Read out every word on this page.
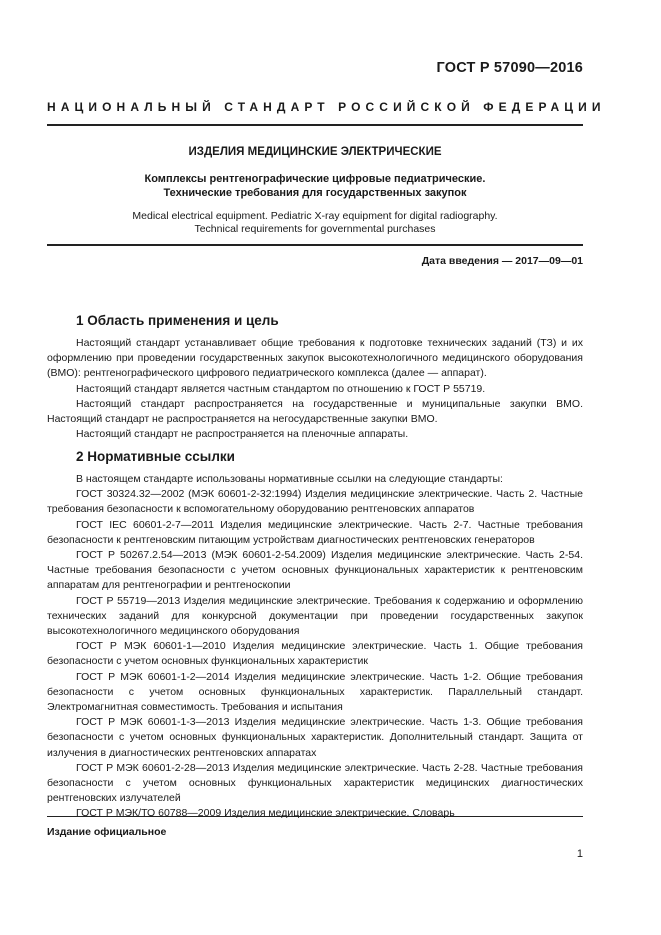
ГОСТ Р 57090—2016
НАЦИОНАЛЬНЫЙ СТАНДАРТ РОССИЙСКОЙ ФЕДЕРАЦИИ
ИЗДЕЛИЯ МЕДИЦИНСКИЕ ЭЛЕКТРИЧЕСКИЕ
Комплексы рентгенографические цифровые педиатрические.
Технические требования для государственных закупок
Medical electrical equipment. Pediatric X-ray equipment for digital radiography.
Technical requirements for governmental purchases
Дата введения — 2017—09—01
1 Область применения и цель

Настоящий стандарт устанавливает общие требования к подготовке технических заданий (ТЗ) и их оформлению при проведении государственных закупок высокотехнологичного медицинского оборудования (ВМО): рентгенографического цифрового педиатрического комплекса (далее — аппарат).

Настоящий стандарт является частным стандартом по отношению к ГОСТ Р 55719.

Настоящий стандарт распространяется на государственные и муниципальные закупки ВМО. Настоящий стандарт не распространяется на негосударственные закупки ВМО.

Настоящий стандарт не распространяется на пленочные аппараты.

2 Нормативные ссылки

В настоящем стандарте использованы нормативные ссылки на следующие стандарты:

ГОСТ 30324.32—2002 (МЭК 60601-2-32:1994) Изделия медицинские электрические. Часть 2. Частные требования безопасности к вспомогательному оборудованию рентгеновских аппаратов

ГОСТ IEC 60601-2-7—2011 Изделия медицинские электрические. Часть 2-7. Частные требования безопасности к рентгеновским питающим устройствам диагностических рентгеновских генераторов

ГОСТ Р 50267.2.54—2013 (МЭК 60601-2-54.2009) Изделия медицинские электрические. Часть 2-54. Частные требования безопасности с учетом основных функциональных характеристик к рентгеновским аппаратам для рентгенографии и рентгеноскопии

ГОСТ Р 55719—2013 Изделия медицинские электрические. Требования к содержанию и оформлению технических заданий для конкурсной документации при проведении государственных закупок высокотехнологичного медицинского оборудования

ГОСТ Р МЭК 60601-1—2010 Изделия медицинские электрические. Часть 1. Общие требования безопасности с учетом основных функциональных характеристик

ГОСТ Р МЭК 60601-1-2—2014 Изделия медицинские электрические. Часть 1-2. Общие требования безопасности с учетом основных функциональных характеристик. Параллельный стандарт. Электромагнитная совместимость. Требования и испытания

ГОСТ Р МЭК 60601-1-3—2013 Изделия медицинские электрические. Часть 1-3. Общие требования безопасности с учетом основных функциональных характеристик. Дополнительный стандарт. Защита от излучения в диагностических рентгеновских аппаратах

ГОСТ Р МЭК 60601-2-28—2013 Изделия медицинские электрические. Часть 2-28. Частные требования безопасности с учетом основных функциональных характеристик медицинских диагностических рентгеновских излучателей

ГОСТ Р МЭК/ТО 60788—2009 Изделия медицинские электрические. Словарь

Издание официальное
1
